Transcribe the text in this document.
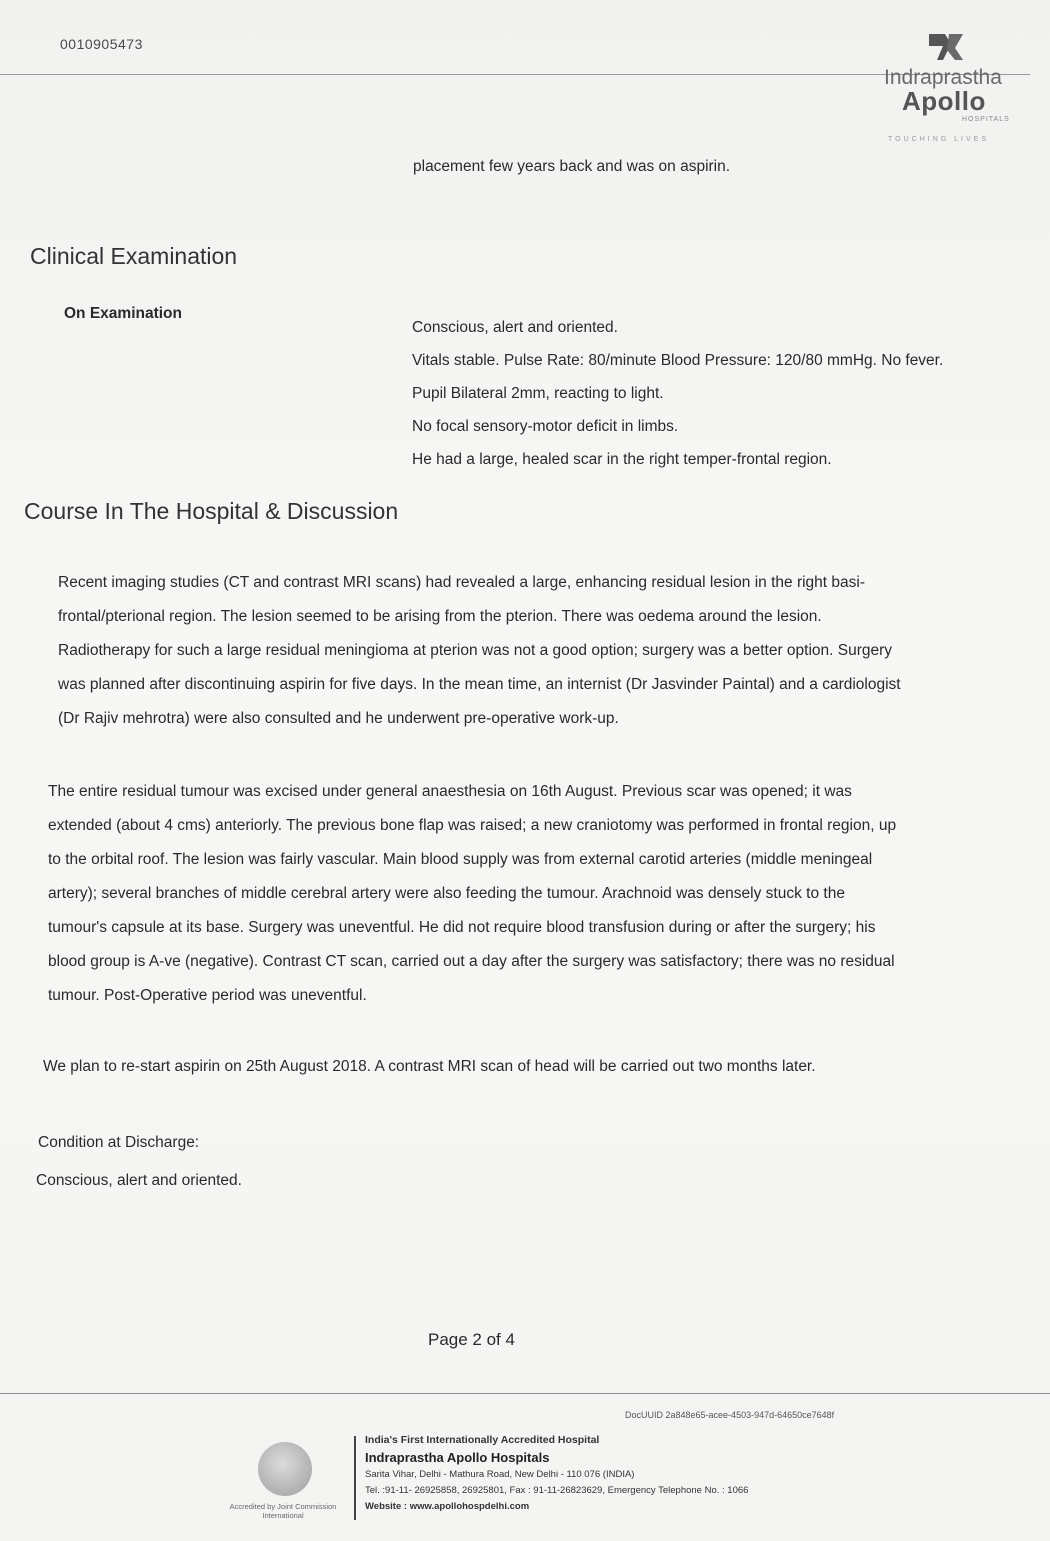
0010905473
Indraprastha
Apollo
HOSPITALS
TOUCHING LIVES
placement few years back and was on aspirin.
Clinical Examination
On Examination
Conscious, alert and oriented.
Vitals stable. Pulse Rate: 80/minute Blood Pressure: 120/80 mmHg. No fever.
Pupil Bilateral 2mm, reacting to light.
No focal sensory-motor deficit in limbs.
He had a large, healed scar in the right temper-frontal region.
Course In The Hospital & Discussion

Recent imaging studies (CT and contrast MRI scans) had revealed a large, enhancing residual lesion in the right basi-

frontal/pterional region. The lesion seemed to be arising from the pterion. There was oedema around the lesion.

Radiotherapy for such a large residual meningioma at pterion was not a good option; surgery was a better option. Surgery

was planned after discontinuing aspirin for five days. In the mean time, an internist (Dr Jasvinder Paintal) and a cardiologist

(Dr Rajiv mehrotra) were also consulted and he underwent pre-operative work-up.

The entire residual tumour was excised under general anaesthesia on 16th August. Previous scar was opened; it was

extended (about 4 cms) anteriorly. The previous bone flap was raised; a new craniotomy was performed in frontal region, up

to the orbital roof. The lesion was fairly vascular. Main blood supply was from external carotid arteries (middle meningeal

artery); several branches of middle cerebral artery were also feeding the tumour. Arachnoid was densely stuck to the

tumour's capsule at its base. Surgery was uneventful. He did not require blood transfusion during or after the surgery; his

blood group is A-ve (negative). Contrast CT scan, carried out a day after the surgery was satisfactory; there was no residual

tumour. Post-Operative period was uneventful.

We plan to re-start aspirin on 25th August 2018. A contrast MRI scan of head will be carried out two months later.
Condition at Discharge:
Conscious, alert and oriented.
Page 2 of 4
DocUUID 2a848e65-acee-4503-947d-64650ce7648f
Accredited by Joint Commission International
India's First Internationally Accredited Hospital
Indraprastha Apollo Hospitals
Sarita Vihar, Delhi - Mathura Road, New Delhi - 110 076 (INDIA)
Tel. :91-11- 26925858, 26925801, Fax : 91-11-26823629, Emergency Telephone No. : 1066
Website : www.apollohospdelhi.com
